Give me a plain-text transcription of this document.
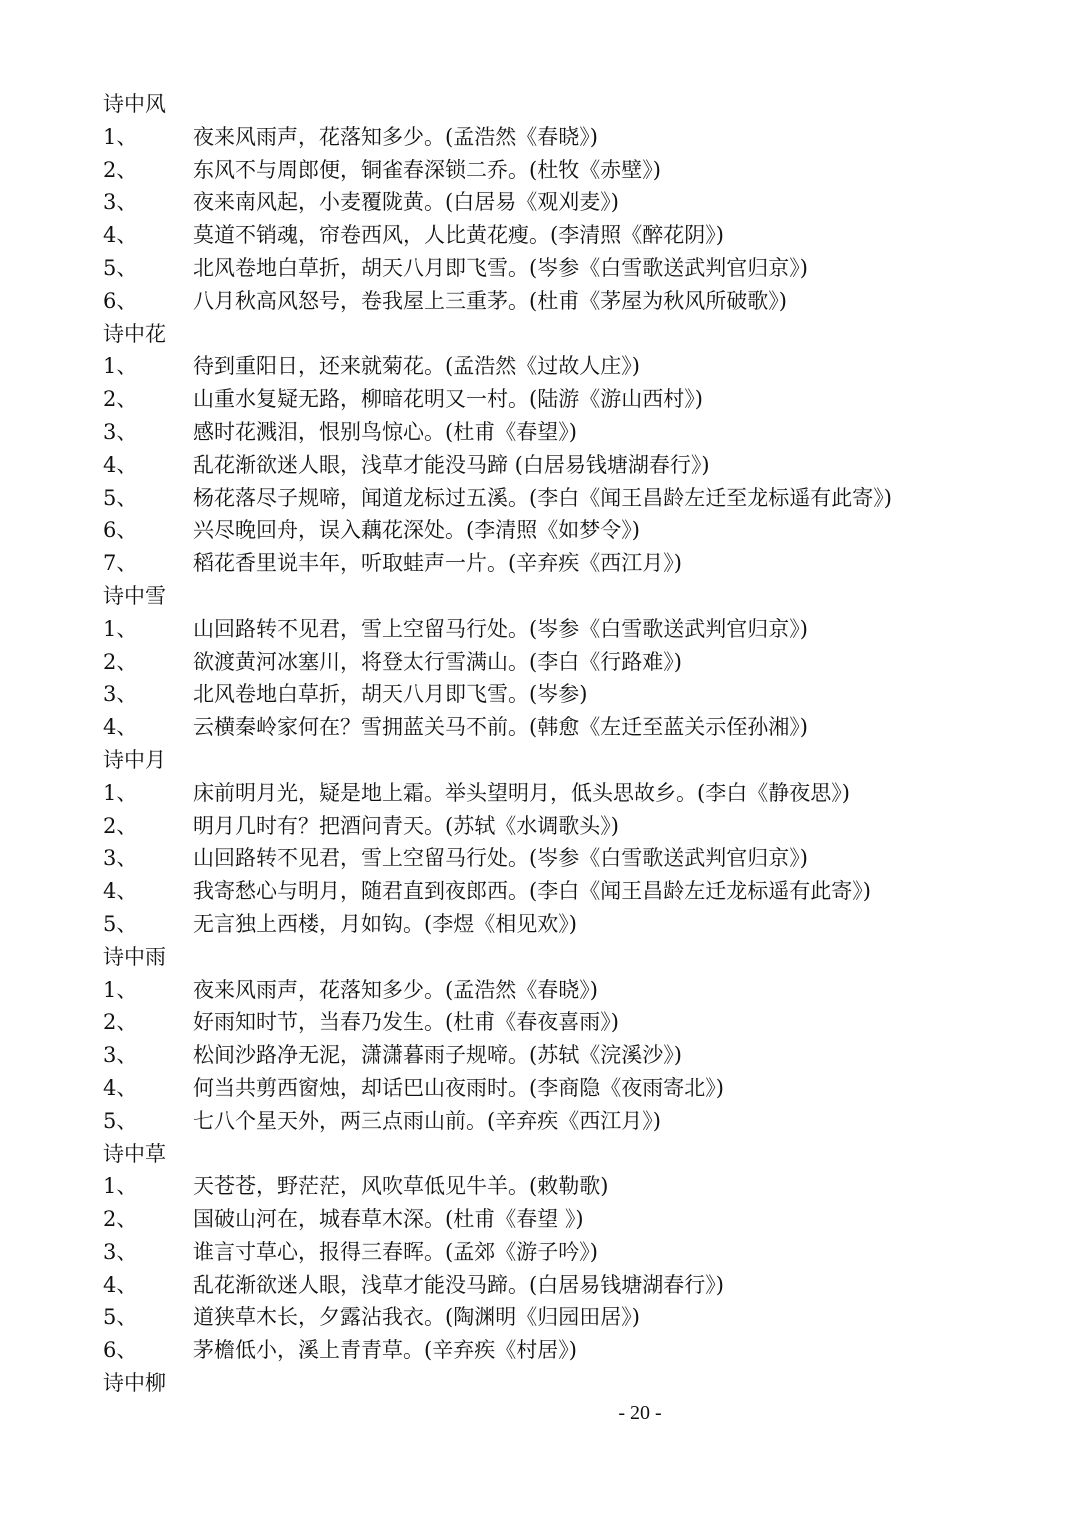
诗中风
1、	夜来风雨声，花落知多少。(孟浩然《春晓》)
2、	东风不与周郎便，铜雀春深锁二乔。(杜牧《赤壁》)
3、	夜来南风起，小麦覆陇黄。(白居易《观刈麦》)
4、	莫道不销魂，帘卷西风，人比黄花瘦。(李清照《醉花阴》)
5、	北风卷地白草折，胡天八月即飞雪。(岑参《白雪歌送武判官归京》)
6、	八月秋高风怒号，卷我屋上三重茅。(杜甫《茅屋为秋风所破歌》)
诗中花
1、	待到重阳日，还来就菊花。(孟浩然《过故人庄》)
2、	山重水复疑无路，柳暗花明又一村。(陆游《游山西村》)
3、	感时花溅泪，恨别鸟惊心。(杜甫《春望》)
4、	乱花渐欲迷人眼，浅草才能没马蹄 (白居易钱塘湖春行》)
5、	杨花落尽子规啼，闻道龙标过五溪。(李白《闻王昌龄左迁至龙标遥有此寄》)
6、	兴尽晚回舟，误入藕花深处。(李清照《如梦令》)
7、	稻花香里说丰年，听取蛙声一片。(辛弃疾《西江月》)
诗中雪
1、	山回路转不见君，雪上空留马行处。(岑参《白雪歌送武判官归京》)
2、	欲渡黄河冰塞川，将登太行雪满山。(李白《行路难》)
3、	北风卷地白草折，胡天八月即飞雪。(岑参)
4、	云横秦岭家何在？雪拥蓝关马不前。(韩愈《左迁至蓝关示侄孙湘》)
诗中月
1、	床前明月光，疑是地上霜。举头望明月，低头思故乡。(李白《静夜思》)
2、	明月几时有？把酒问青天。(苏轼《水调歌头》)
3、	山回路转不见君，雪上空留马行处。(岑参《白雪歌送武判官归京》)
4、	我寄愁心与明月，随君直到夜郎西。(李白《闻王昌龄左迁龙标遥有此寄》)
5、	无言独上西楼，月如钩。(李煜《相见欢》)
诗中雨
1、	夜来风雨声，花落知多少。(孟浩然《春晓》)
2、	好雨知时节，当春乃发生。(杜甫《春夜喜雨》)
3、	松间沙路净无泥，潇潇暮雨子规啼。(苏轼《浣溪沙》)
4、	何当共剪西窗烛，却话巴山夜雨时。(李商隐《夜雨寄北》)
5、	七八个星天外，两三点雨山前。(辛弃疾《西江月》)
诗中草
1、	天苍苍，野茫茫，风吹草低见牛羊。(敕勒歌)
2、	国破山河在，城春草木深。(杜甫《春望 》)
3、	谁言寸草心，报得三春晖。(孟郊《游子吟》)
4、	乱花渐欲迷人眼，浅草才能没马蹄。(白居易钱塘湖春行》)
5、	道狭草木长，夕露沾我衣。(陶渊明《归园田居》)
6、	茅檐低小，溪上青青草。(辛弃疾《村居》)
诗中柳
- 20 -
